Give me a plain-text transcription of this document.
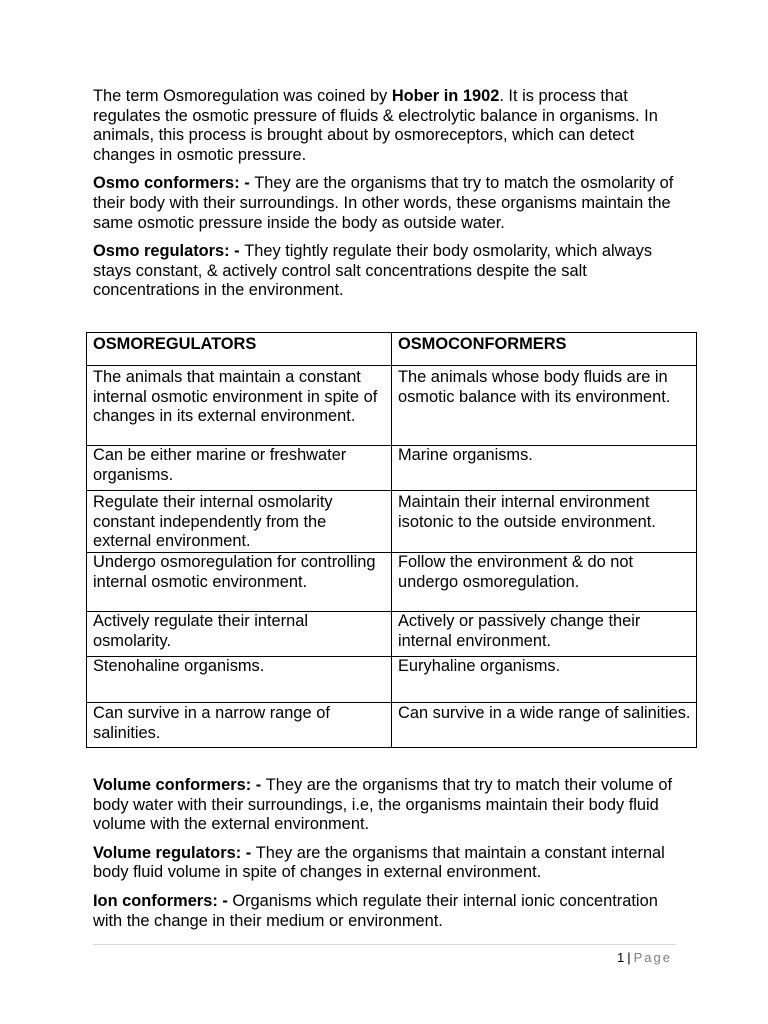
The term Osmoregulation was coined by Hober in 1902. It is process that regulates the osmotic pressure of fluids & electrolytic balance in organisms. In animals, this process is brought about by osmoreceptors, which can detect changes in osmotic pressure.

Osmo conformers: - They are the organisms that try to match the osmolarity of their body with their surroundings. In other words, these organisms maintain the same osmotic pressure inside the body as outside water.

Osmo regulators: - They tightly regulate their body osmolarity, which always stays constant, & actively control salt concentrations despite the salt concentrations in the environment.

OSMOREGULATORS	OSMOCONFORMERS
The animals that maintain a constant internal osmotic environment in spite of changes in its external environment.	The animals whose body fluids are in osmotic balance with its environment.
Can be either marine or freshwater organisms.	Marine organisms.
Regulate their internal osmolarity constant independently from the external environment.	Maintain their internal environment isotonic to the outside environment.
Undergo osmoregulation for controlling internal osmotic environment.	Follow the environment & do not undergo osmoregulation.
Actively regulate their internal osmolarity.	Actively or passively change their internal environment.
Stenohaline organisms.	Euryhaline organisms.
Can survive in a narrow range of salinities.	Can survive in a wide range of salinities.

Volume conformers: - They are the organisms that try to match their volume of body water with their surroundings, i.e, the organisms maintain their body fluid volume with the external environment.

Volume regulators: - They are the organisms that maintain a constant internal body fluid volume in spite of changes in external environment.

Ion conformers: - Organisms which regulate their internal ionic concentration with the change in their medium or environment.

1 | Page
